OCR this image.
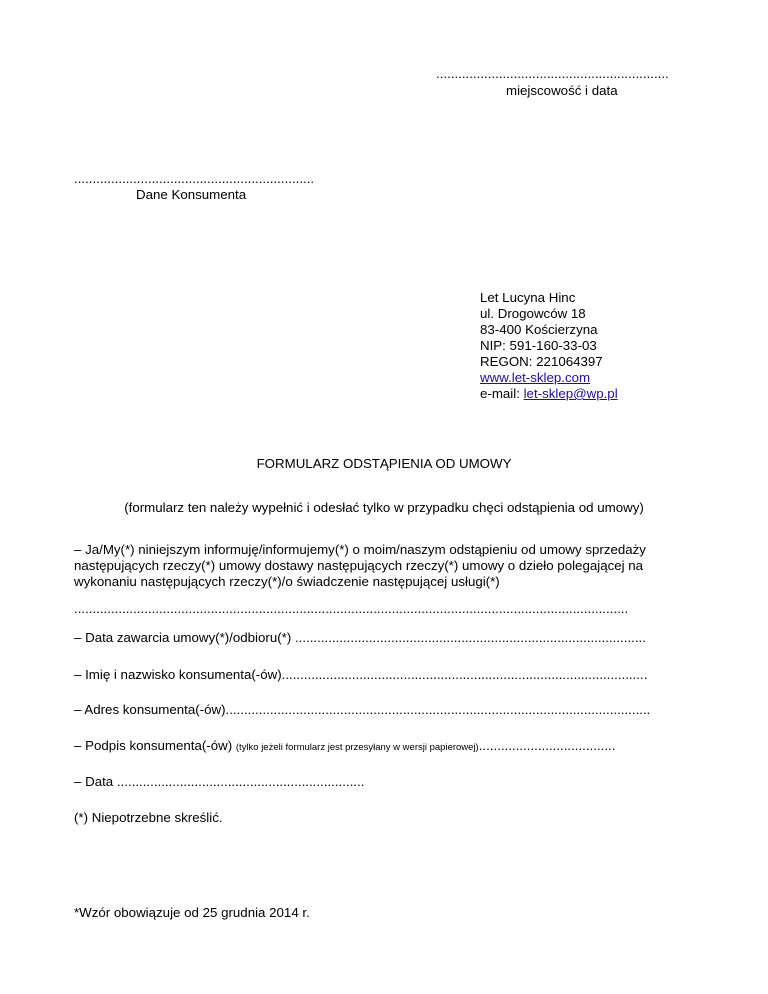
...............................................................
miejscowość i data
.................................................................
Dane Konsumenta
Let Lucyna Hinc
ul. Drogowców 18
83-400 Kościerzyna
NIP: 591-160-33-03
REGON: 221064397
www.let-sklep.com
e-mail: let-sklep@wp.pl
FORMULARZ ODSTĄPIENIA OD UMOWY
(formularz ten należy wypełnić i odesłać tylko w przypadku chęci odstąpienia od umowy)
– Ja/My(*) niniejszym informuję/informujemy(*) o moim/naszym odstąpieniu od umowy sprzedaży następujących rzeczy(*) umowy dostawy następujących rzeczy(*) umowy o dzieło polegającej na wykonaniu następujących rzeczy(*)/o świadczenie następującej usługi(*)
......................................................................................................................................................
– Data zawarcia umowy(*)/odbioru(*) ...............................................................................................
– Imię i nazwisko konsumenta(-ów)...................................................................................................
– Adres konsumenta(-ów)...................................................................................................................
– Podpis konsumenta(-ów) (tylko jeżeli formularz jest przesyłany w wersji papierowej).....................................
– Data ...................................................................
(*) Niepotrzebne skreślić.
*Wzór obowiązuje od 25 grudnia 2014 r.
